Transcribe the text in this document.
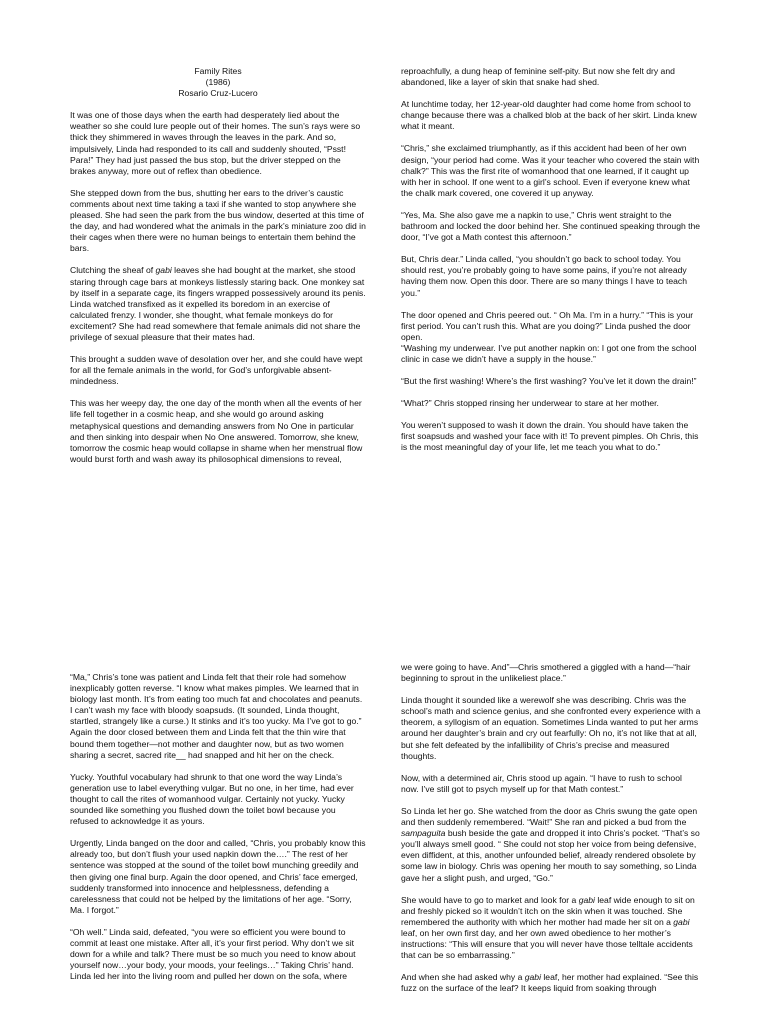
Family Rites
(1986)
Rosario Cruz-Lucero

It was one of those days when the earth had desperately lied about the weather so she could lure people out of their homes. The sun’s rays were so thick they shimmered in waves through the leaves in the park. And so, impulsively, Linda had responded to its call and suddenly shouted, “Psst! Para!” They had just passed the bus stop, but the driver stepped on the brakes anyway, more out of reflex than obedience.

She stepped down from the bus, shutting her ears to the driver’s caustic comments about next time taking a taxi if she wanted to stop anywhere she pleased. She had seen the park from the bus window, deserted at this time of the day, and had wondered what the animals in the park’s miniature zoo did in their cages when there were no human beings to entertain them behind the bars.

Clutching the sheaf of gabi leaves she had bought at the market, she stood staring through cage bars at monkeys listlessly staring back. One monkey sat by itself in a separate cage, its fingers wrapped possessively around its penis. Linda watched transfixed as it expelled its boredom in an exercise of calculated frenzy. I wonder, she thought, what female monkeys do for excitement? She had read somewhere that female animals did not share the privilege of sexual pleasure that their mates had.

This brought a sudden wave of desolation over her, and she could have wept for all the female animals in the world, for God’s unforgivable absent-mindedness.

This was her weepy day, the one day of the month when all the events of her life fell together in a cosmic heap, and she would go around asking metaphysical questions and demanding answers from No One in particular and then sinking into despair when No One answered. Tomorrow, she knew, tomorrow the cosmic heap would collapse in shame when her menstrual flow would burst forth and wash away its philosophical dimensions to reveal,

reproachfully, a dung heap of feminine self-pity. But now she felt dry and abandoned, like a layer of skin that snake had shed.

At lunchtime today, her 12-year-old daughter had come home from school to change because there was a chalked blob at the back of her skirt. Linda knew what it meant.

“Chris,” she exclaimed triumphantly, as if this accident had been of her own design, “your period had come. Was it your teacher who covered the stain with chalk?” This was the first rite of womanhood that one learned, if it caught up with her in school. If one went to a girl’s school. Even if everyone knew what the chalk mark covered, one covered it up anyway.

“Yes, Ma. She also gave me a napkin to use,” Chris went straight to the bathroom and locked the door behind her. She continued speaking through the door, “I’ve got a Math contest this afternoon.”

But, Chris dear.” Linda called, “you shouldn’t go back to school today. You should rest, you’re probably going to have some pains, if you’re not already having them now. Open this door. There are so many things I have to teach you.”

The door opened and Chris peered out. “ Oh Ma. I’m in a hurry.” “This is your first period. You can’t rush this. What are you doing?” Linda pushed the door open.

“Washing my underwear. I’ve put another napkin on: I got one from the school clinic in case we didn’t have a supply in the house.”

“But the first washing! Where’s the first washing? You’ve let it down the drain!”

“What?” Chris stopped rinsing her underwear to stare at her mother.

You weren’t supposed to wash it down the drain. You should have taken the first soapsuds and washed your face with it! To prevent pimples. Oh Chris, this is the most meaningful day of your life, let me teach you what to do.”

“Ma,” Chris’s tone was patient and Linda felt that their role had somehow inexplicably gotten reverse. “I know what makes pimples. We learned that in biology last month. It’s from eating too much fat and chocolates and peanuts. I can’t wash my face with bloody soapsuds. (It sounded, Linda thought, startled, strangely like a curse.) It stinks and it’s too yucky. Ma I’ve got to go.” Again the door closed between them and Linda felt that the thin wire that bound them together—not mother and daughter now, but as two women sharing a secret, sacred rite__ had snapped and hit her on the check.

Yucky. Youthful vocabulary had shrunk to that one word the way Linda’s generation use to label everything vulgar. But no one, in her time, had ever thought to call the rites of womanhood vulgar. Certainly not yucky. Yucky sounded like something you flushed down the toilet bowl because you refused to acknowledge it as yours.

Urgently, Linda banged on the door and called, “Chris, you probably know this already too, but don’t flush your used napkin down the….” The rest of her sentence was stopped at the sound of the toilet bowl munching greedily and then giving one final burp. Again the door opened, and Chris’ face emerged, suddenly transformed into innocence and helplessness, defending a carelessness that could not be helped by the limitations of her age. “Sorry, Ma. I forgot.”

“Oh well.” Linda said, defeated, “you were so efficient you were bound to commit at least one mistake. After all, it’s your first period. Why don’t we sit down for a while and talk? There must be so much you need to know about yourself now…your body, your moods, your feelings…” Taking Chris’ hand. Linda led her into the living room and pulled her down on the sofa, where

we were going to have. And”—Chris smothered a giggled with a hand—“hair beginning to sprout in the unlikeliest place.”

Linda thought it sounded like a werewolf she was describing. Chris was the school’s math and science genius, and she confronted every experience with a theorem, a syllogism of an equation. Sometimes Linda wanted to put her arms around her daughter’s brain and cry out fearfully: Oh no, it’s not like that at all, but she felt defeated by the infallibility of Chris’s precise and measured thoughts.

Now, with a determined air, Chris stood up again. “I have to rush to school now. I’ve still got to psych myself up for that Math contest.”

So Linda let her go. She watched from the door as Chris swung the gate open and then suddenly remembered. “Wait!” She ran and picked a bud from the sampaguita bush beside the gate and dropped it into Chris’s pocket. “That’s so you’ll always smell good. “ She could not stop her voice from being defensive, even diffident, at this, another unfounded belief, already rendered obsolete by some law in biology. Chris was opening her mouth to say something, so Linda gave her a slight push, and urged, “Go.”

She would have to go to market and look for a gabi leaf wide enough to sit on and freshly picked so it wouldn’t itch on the skin when it was touched. She remembered the authority with which her mother had made her sit on a gabi leaf, on her own first day, and her own awed obedience to her mother’s instructions: “This will ensure that you will never have those telltale accidents that can be so embarrassing.”

And when she had asked why a gabi leaf, her mother had explained. “See this fuzz on the surface of the leaf? It keeps liquid from soaking through
